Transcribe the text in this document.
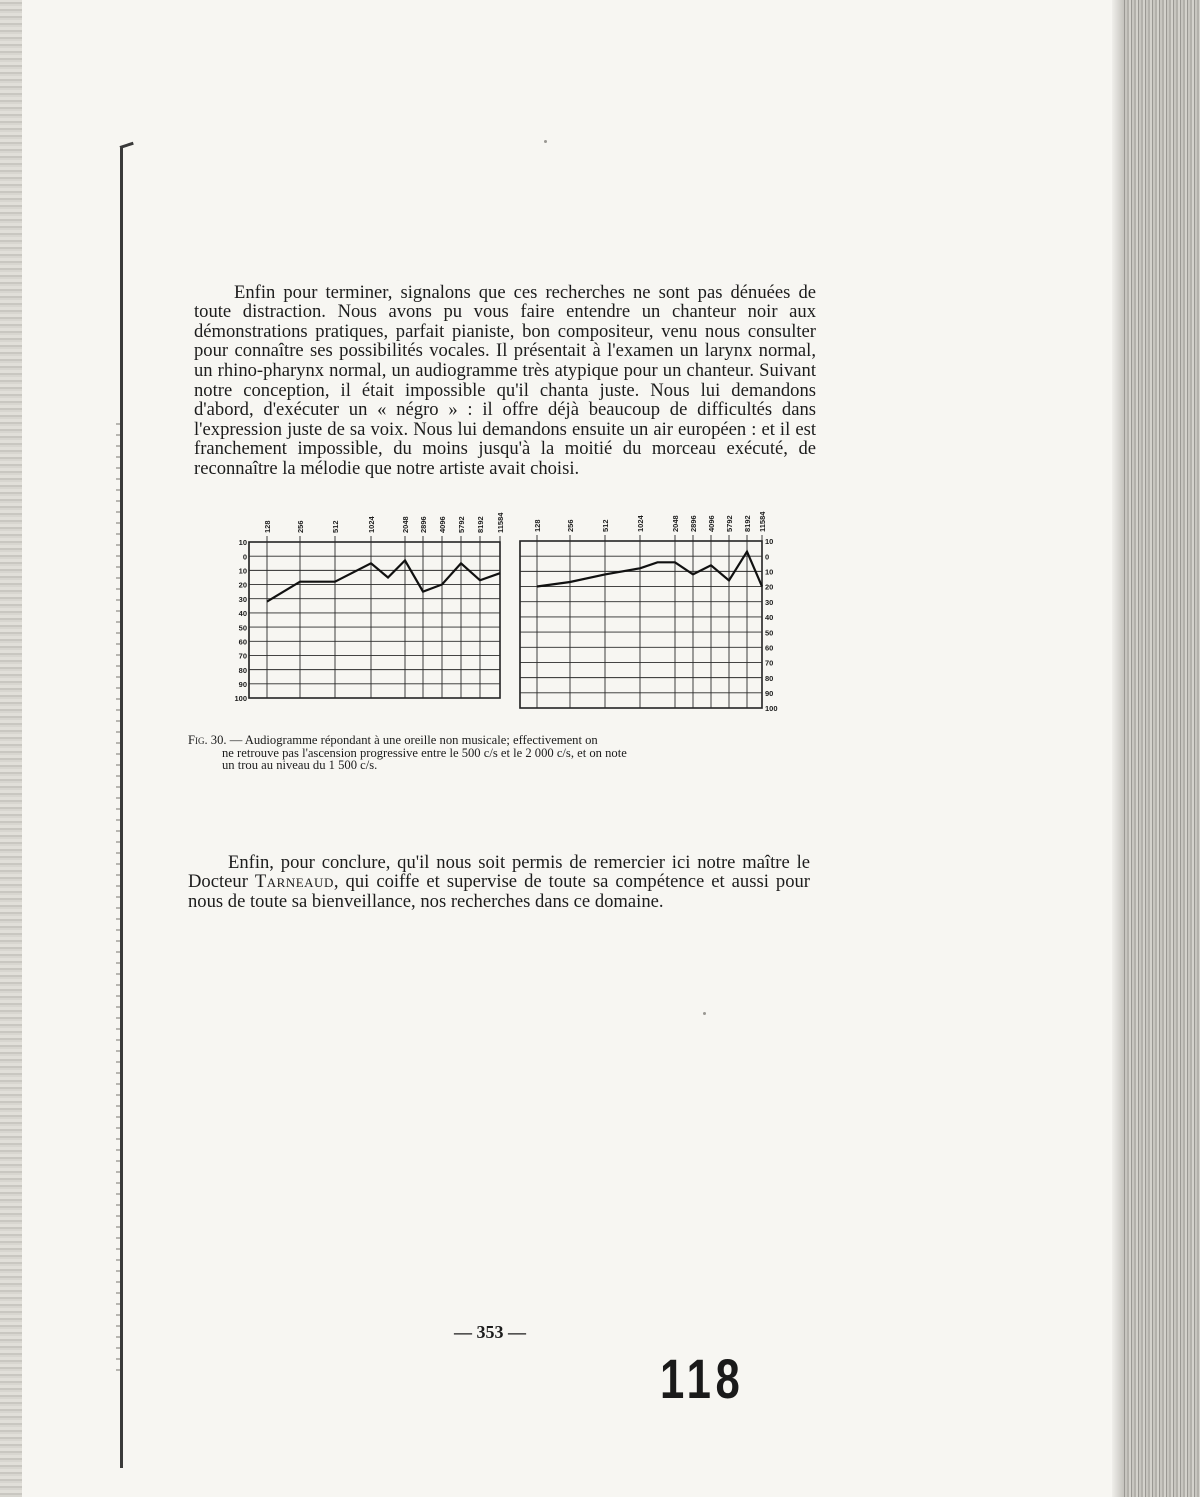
Enfin pour terminer, signalons que ces recherches ne sont pas dénuées de toute distraction. Nous avons pu vous faire entendre un chanteur noir aux démonstrations pratiques, parfait pianiste, bon compositeur, venu nous consulter pour connaître ses possibilités vocales. Il présentait à l'examen un larynx normal, un rhino-pharynx normal, un audiogramme très atypique pour un chanteur. Suivant notre conception, il était impossible qu'il chanta juste. Nous lui demandons d'abord, d'exécuter un « négro » : il offre déjà beaucoup de difficultés dans l'expression juste de sa voix. Nous lui demandons ensuite un air européen : et il est franchement impossible, du moins jusqu'à la moitié du morceau exécuté, de reconnaître la mélodie que notre artiste avait choisi.

10
0
10
20
30
40
50
60
70
80
90
100
128	256	512	1024	2048 2896 4096 5792 8192 11584
10
0
10
20
30
40
50
60
70
80
90
100
128	256	512	1024	2048 2896 4096 5792 8192 11584
Fig. 30. — Audiogramme répondant à une oreille non musicale; effectivement on
ne retrouve pas l'ascension progressive entre le 500 c/s et le 2 000 c/s, et on note
un trou au niveau du 1 500 c/s.

Enfin, pour conclure, qu'il nous soit permis de remercier ici notre maître le Docteur Tarneaud, qui coiffe et supervise de toute sa compétence et aussi pour nous de toute sa bienveillance, nos recherches dans ce domaine.

— 353 —
118
